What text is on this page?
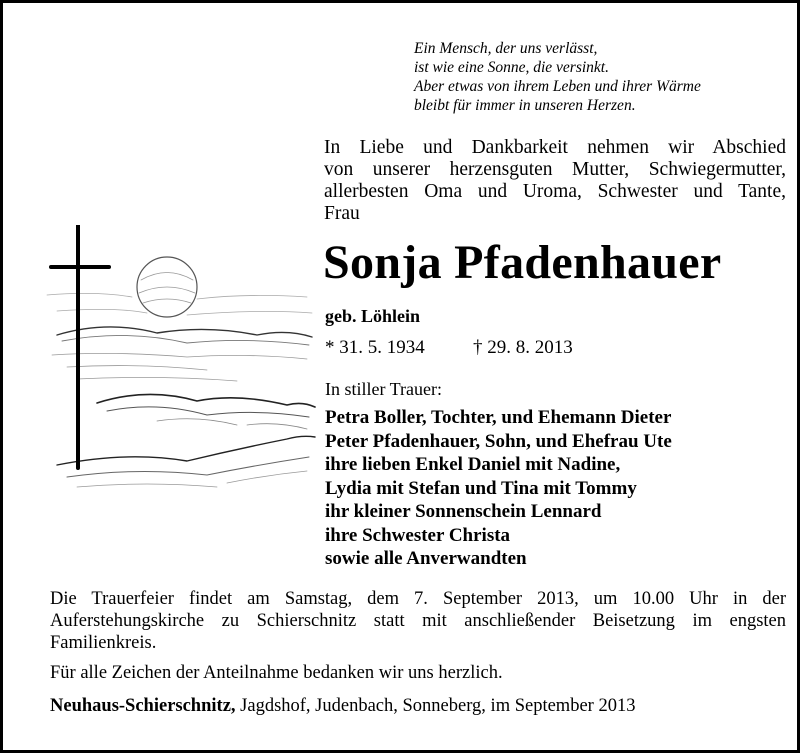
Ein Mensch, der uns verlässt,
ist wie eine Sonne, die versinkt.
Aber etwas von ihrem Leben und ihrer Wärme
bleibt für immer in unseren Herzen.
In Liebe und Dankbarkeit nehmen wir Abschied
von unserer herzensguten Mutter, Schwiegermutter,
allerbesten Oma und Uroma, Schwester und Tante,
Frau
Sonja Pfadenhauer
geb. Löhlein
* 31. 5. 1934	† 29. 8. 2013
In stiller Trauer:
Petra Boller, Tochter, und Ehemann Dieter
Peter Pfadenhauer, Sohn, und Ehefrau Ute
ihre lieben Enkel Daniel mit Nadine,
Lydia mit Stefan und Tina mit Tommy
ihr kleiner Sonnenschein Lennard
ihre Schwester Christa
sowie alle Anverwandten
Die Trauerfeier findet am Samstag, dem 7. September 2013, um 10.00 Uhr in der
Auferstehungskirche zu Schierschnitz statt mit anschließender Beisetzung im engsten
Familienkreis.
Für alle Zeichen der Anteilnahme bedanken wir uns herzlich.
Neuhaus-Schierschnitz, Jagdshof, Judenbach, Sonneberg, im September 2013
